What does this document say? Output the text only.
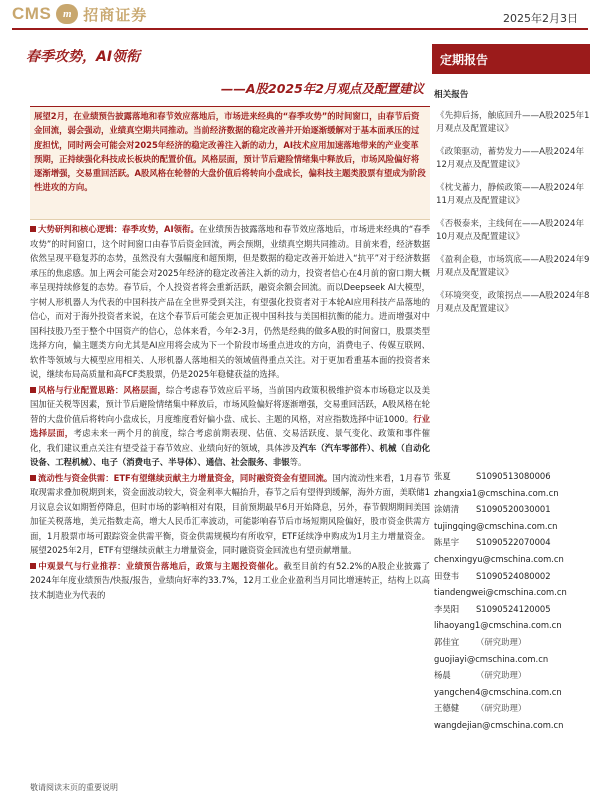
CMS	m 招商证券	2025年2月3日
春季攻势，AI领衔
——A股2025年2月观点及配置建议
定期报告
展望2月，在业绩预告披露落地和春节效应落地后，市场进来经典的“春季攻势”的时间窗口，由春节后资金回流，弱会强动，业绩真空期共同推动。当前经济数据的稳定改善并开始逐渐缓解对于基本面承压的过度担忧，同时两会可能会对2025年经济的稳定改善注入新的动力，AI技术应用加速落地带来的产业变革预期，正持续强化科技成长板块的配置价值。风格层面，预计节后避险情绪集中释放后，市场风险偏好将逐渐增强，交易重回活跃。A股风格在轮替的大盘价值后将转向小盘成长，偏科技主题类股票有望成为阶段性进攻的方向。
大势研判和核心逻辑：春季攻势，AI领衔。在业绩预告披露落地和春节效应落地后，市场进来经典的“春季攻势”的时间窗口，这个时间窗口由春节后资金回流，两会预期，业绩真空期共同推动。目前来看，经济数据依然呈现平稳复苏的态势，虽然没有大强幅度和超预期，但是数据的稳定改善开始进入“抗平”对于经济数据承压的焦虑感。加上两会可能会对2025年经济的稳定改善注入新的动力，投资者信心在4月前的窗口期大概率呈现持续修复的态势。春节后，个人投资者将会重新活跃，融资余额会回流。而以Deepseek AI大模型，宇树人形机器人为代表的中国科技产品在全世界受到关注，有望强化投资者对于本轮AI应用科技产品落地的信心，而对于海外投资者来说，在这个春节后可能会更加正视中国科技与美国相抗衡的能力。进而增强对中国科技股乃至于整个中国资产的信心，总体来看，今年2-3月，仍然是经典的做多A股的时间窗口，股票类型选择方向，偏主题类方向尤其是AI应用将会成为下一个阶段市场重点进攻的方向，消费电子、传媒互联网、软件等领域与大模型应用相关、人形机器人落地相关的领域值得重点关注。对于更加看重基本面的投资者来说，继续布局高质量和高FCF类股票，仍是2025年稳健获益的选择。
风格与行业配置思路：风格层面，综合考虑春节效应后平场，当前国内政策积极维护资本市场稳定以及美国加征关税等因素，预计节后避险情绪集中释放后，市场风险偏好将逐渐增强，交易重回活跃，A股风格在轮替的大盘价值后将转向小盘成长，月度维度看好偏小盘、成长、主题的风格，对应指数选择中证1000。行业选择层面，考虑未来一两个月的前度，综合考虑前期表现、估值、交易活跃度、景气变化、政策和事件催化，我们建议重点关注有望受益于春节效应、业绩向好的领域，具体涉及汽车（汽车零部件）、机械（自动化设备、工程机械）、电子（消费电子、半导体）、通信、社会服务、非银等。
流动性与资金供需：ETF有望继续贡献主力增量资金，同时融资资金有望回流。国内流动性来看，1月春节取现需求叠加税期到来，资金面波动较大，资金利率大幅抬升，春节之后有望得到缓解，海外方面，美联储1月议息会议如期暂停降息，但时市场的影响相对有限，目前预期最早6月开始降息，另外，春节假期期间美国加征关税落地，美元指数走高，增大人民币汇率波动，可能影响春节后市场短期风险偏好，股市资金供需方面，1月股票市场可跟踪资金供需平衡，资金供需规模均有所收窄，ETF延续净申购成为1月主力增量资金。展望2025年2月，ETF有望继续贡献主力增量资金，同时融资资金回流也有望贡献增量。
中观景气与行业推荐：业绩预告落地后，政策与主题投资催化。截至目前约有52.2%的A股企业披露了2024年年度业绩预告/快报/报告，业绩向好率约33.7%，12月工业企业盈利当月同比增速转正，结构上以高技术制造业为代表的
敬请阅读末页的重要说明
相关报告
《先抑后扬，触底回升——A股2025年1月观点及配置建议》
《政策驱动，蓄势发力——A股2024年12月观点及配置建议》
《枕戈蓄力，静候政策——A股2024年11月观点及配置建议》
《否极泰来，主线何在——A股2024年10月观点及配置建议》
《盈利企稳，市场筑底——A股2024年9月观点及配置建议》
《环境突变，政策拐点——A股2024年8月观点及配置建议》
张夏	S1090513080006
zhangxia1@cmschina.com.cn
涂婧清 S1090520030001
tujingqing@cmschina.com.cn
陈星宇 S1090522070004
chenxingyu@cmschina.com.cn
田登韦 S1090524080002
tiandengwei@cmschina.com.cn
李昊阳 S1090524120005
lihaoyang1@cmschina.com.cn
郭佳宜 （研究助理）
guojiayi@cmschina.com.cn
杨晨	（研究助理）
yangchen4@cmschina.com.cn
王德健 （研究助理）
wangdejian@cmschina.com.cn
